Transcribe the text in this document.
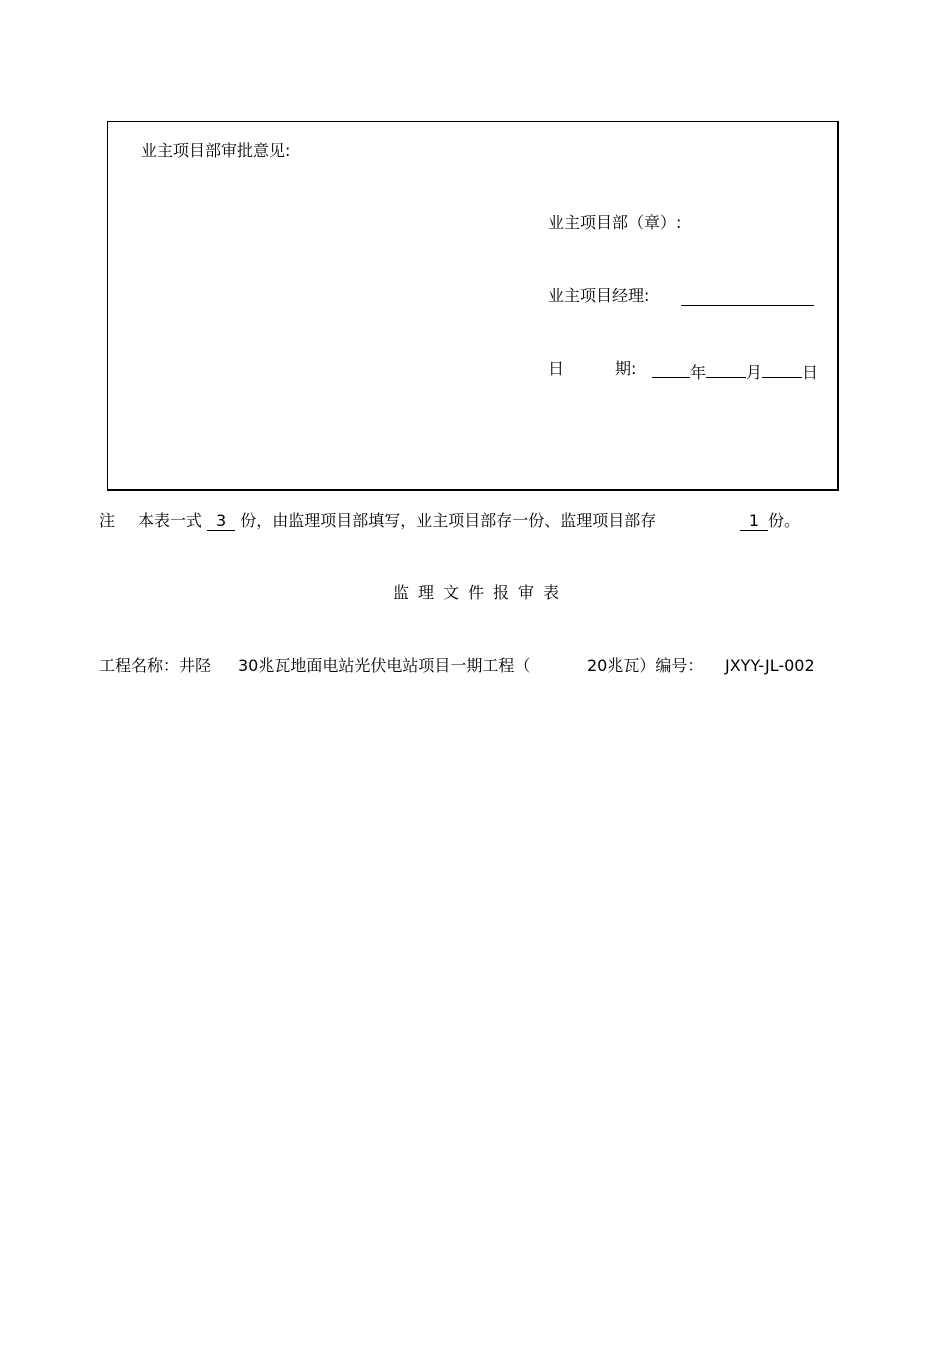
业主项目部审批意见:
业主项目部（章）:
业主项目经理:
日	期:	年	月	日
注 本表一式 3 份，由监理项目部填写，业主项目部存一份、监理项目部存	1 份。
监理文件报审表
工程名称：井陉 30兆瓦地面电站光伏电站项目一期工程（	20兆瓦）编号： JXYY-JL-002
